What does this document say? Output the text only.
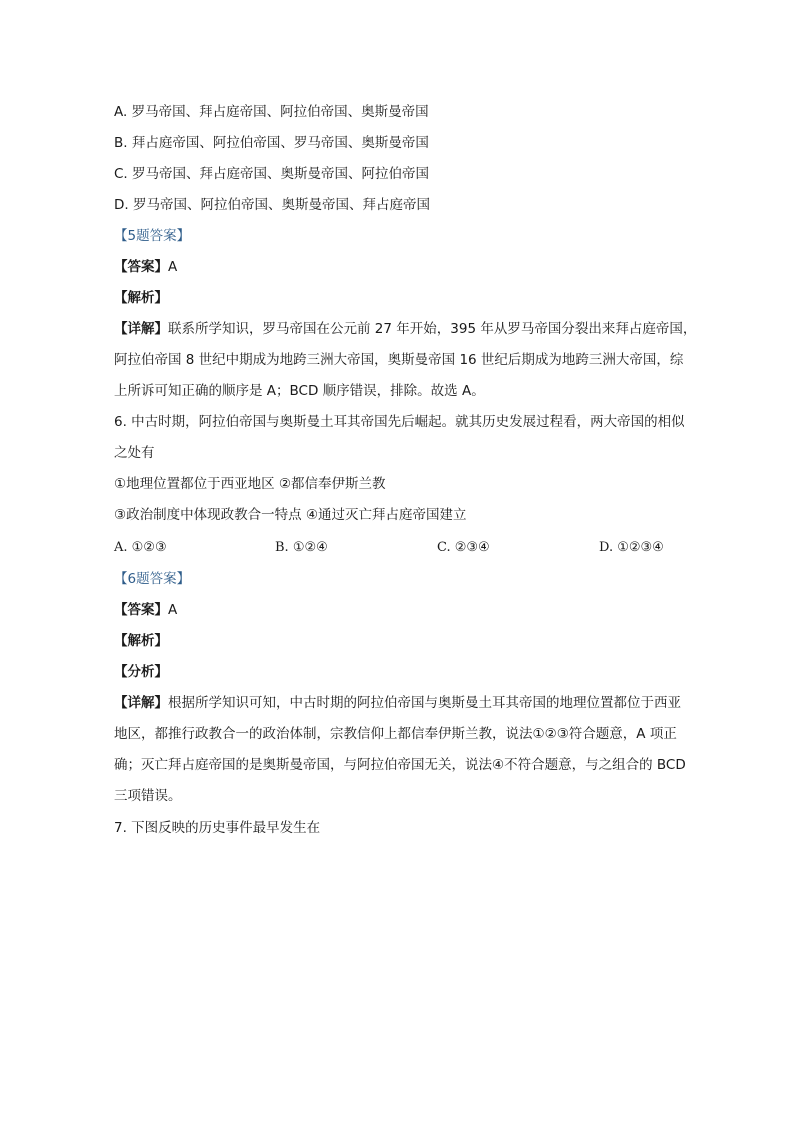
A. 罗马帝国、拜占庭帝国、阿拉伯帝国、奥斯曼帝国
B. 拜占庭帝国、阿拉伯帝国、罗马帝国、奥斯曼帝国
C. 罗马帝国、拜占庭帝国、奥斯曼帝国、阿拉伯帝国
D. 罗马帝国、阿拉伯帝国、奥斯曼帝国、拜占庭帝国
【5题答案】
【答案】A
【解析】
【详解】联系所学知识，罗马帝国在公元前 27 年开始，395 年从罗马帝国分裂出来拜占庭帝国，
阿拉伯帝国 8 世纪中期成为地跨三洲大帝国，奥斯曼帝国 16 世纪后期成为地跨三洲大帝国，综
上所诉可知正确的顺序是 A；BCD 顺序错误，排除。故选 A。
6. 中古时期，阿拉伯帝国与奥斯曼土耳其帝国先后崛起。就其历史发展过程看，两大帝国的相似
之处有
①地理位置都位于西亚地区 ②都信奉伊斯兰教
③政治制度中体现政教合一特点 ④通过灭亡拜占庭帝国建立
A. ①②③	B. ①②④	C. ②③④	D. ①②③④
【6题答案】
【答案】A
【解析】
【分析】
【详解】根据所学知识可知，中古时期的阿拉伯帝国与奥斯曼土耳其帝国的地理位置都位于西亚
地区，都推行政教合一的政治体制，宗教信仰上都信奉伊斯兰教，说法①②③符合题意，A 项正
确；灭亡拜占庭帝国的是奥斯曼帝国，与阿拉伯帝国无关，说法④不符合题意，与之组合的 BCD
三项错误。
7. 下图反映的历史事件最早发生在
